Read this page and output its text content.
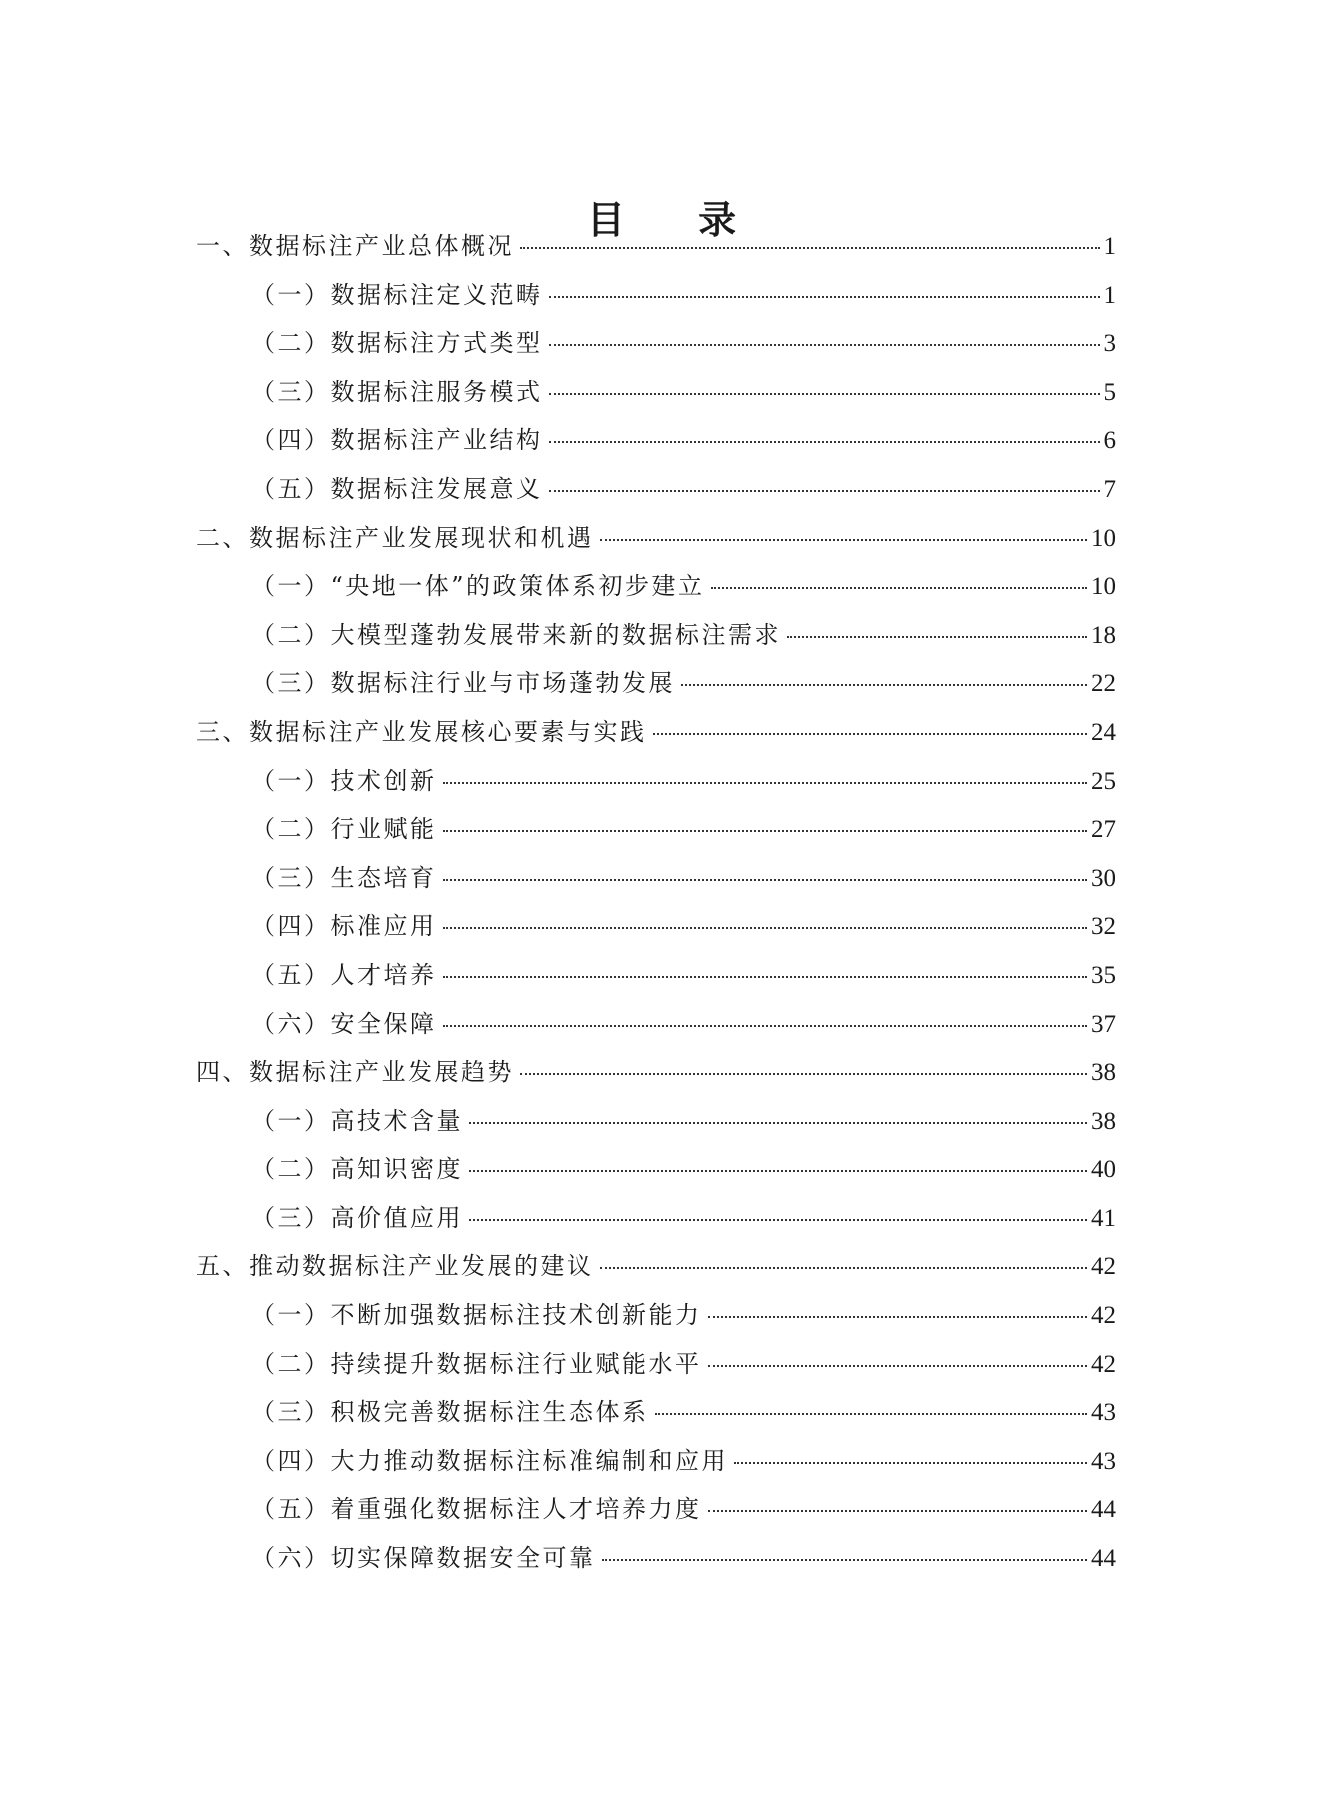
目 录
一、数据标注产业总体概况	1
（一）数据标注定义范畴	1
（二）数据标注方式类型	3
（三）数据标注服务模式	5
（四）数据标注产业结构	6
（五）数据标注发展意义	7
二、数据标注产业发展现状和机遇	10
（一）“央地一体”的政策体系初步建立	10
（二）大模型蓬勃发展带来新的数据标注需求	18
（三）数据标注行业与市场蓬勃发展	22
三、数据标注产业发展核心要素与实践	24
（一）技术创新	25
（二）行业赋能	27
（三）生态培育	30
（四）标准应用	32
（五）人才培养	35
（六）安全保障	37
四、数据标注产业发展趋势	38
（一）高技术含量	38
（二）高知识密度	40
（三）高价值应用	41
五、推动数据标注产业发展的建议	42
（一）不断加强数据标注技术创新能力	42
（二）持续提升数据标注行业赋能水平	42
（三）积极完善数据标注生态体系	43
（四）大力推动数据标注标准编制和应用	43
（五）着重强化数据标注人才培养力度	44
（六）切实保障数据安全可靠	44
